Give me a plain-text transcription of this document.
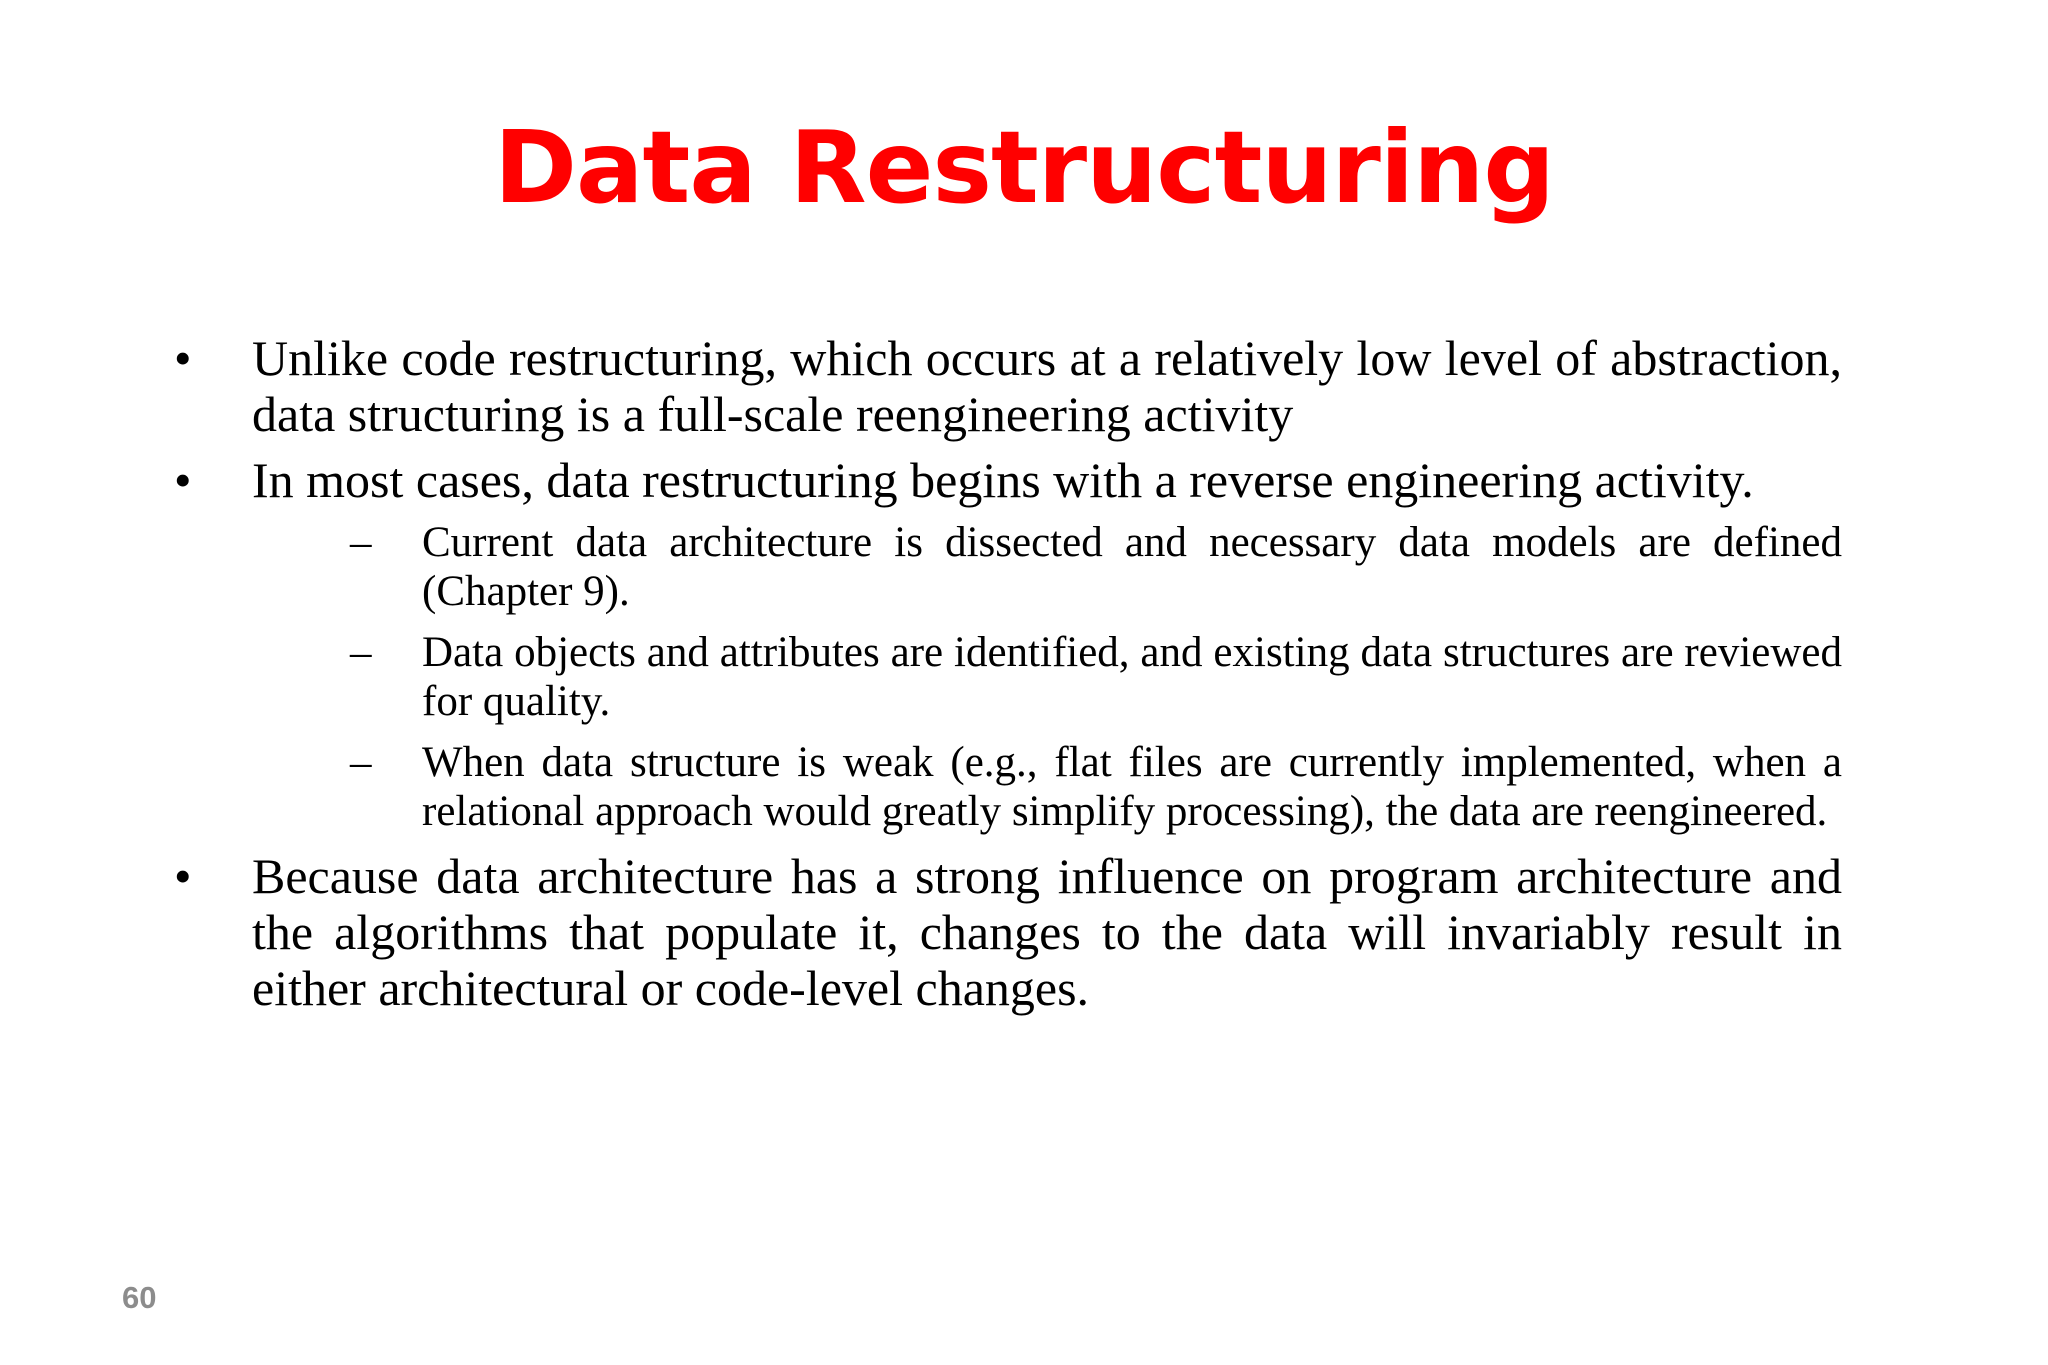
Data Restructuring
•	Unlike code restructuring, which occurs at a relatively low level of abstraction, data structuring is a full-scale reengineering activity
•	In most cases, data restructuring begins with a reverse engineering activity.
–	Current data architecture is dissected and necessary data models are defined (Chapter 9).
–	Data objects and attributes are identified, and existing data structures are reviewed for quality.
–	When data structure is weak (e.g., flat files are currently implemented, when a relational approach would greatly simplify processing), the data are reengineered.
•	Because data architecture has a strong influence on program architecture and the algorithms that populate it, changes to the data will invariably result in either architectural or code-level changes.
60
